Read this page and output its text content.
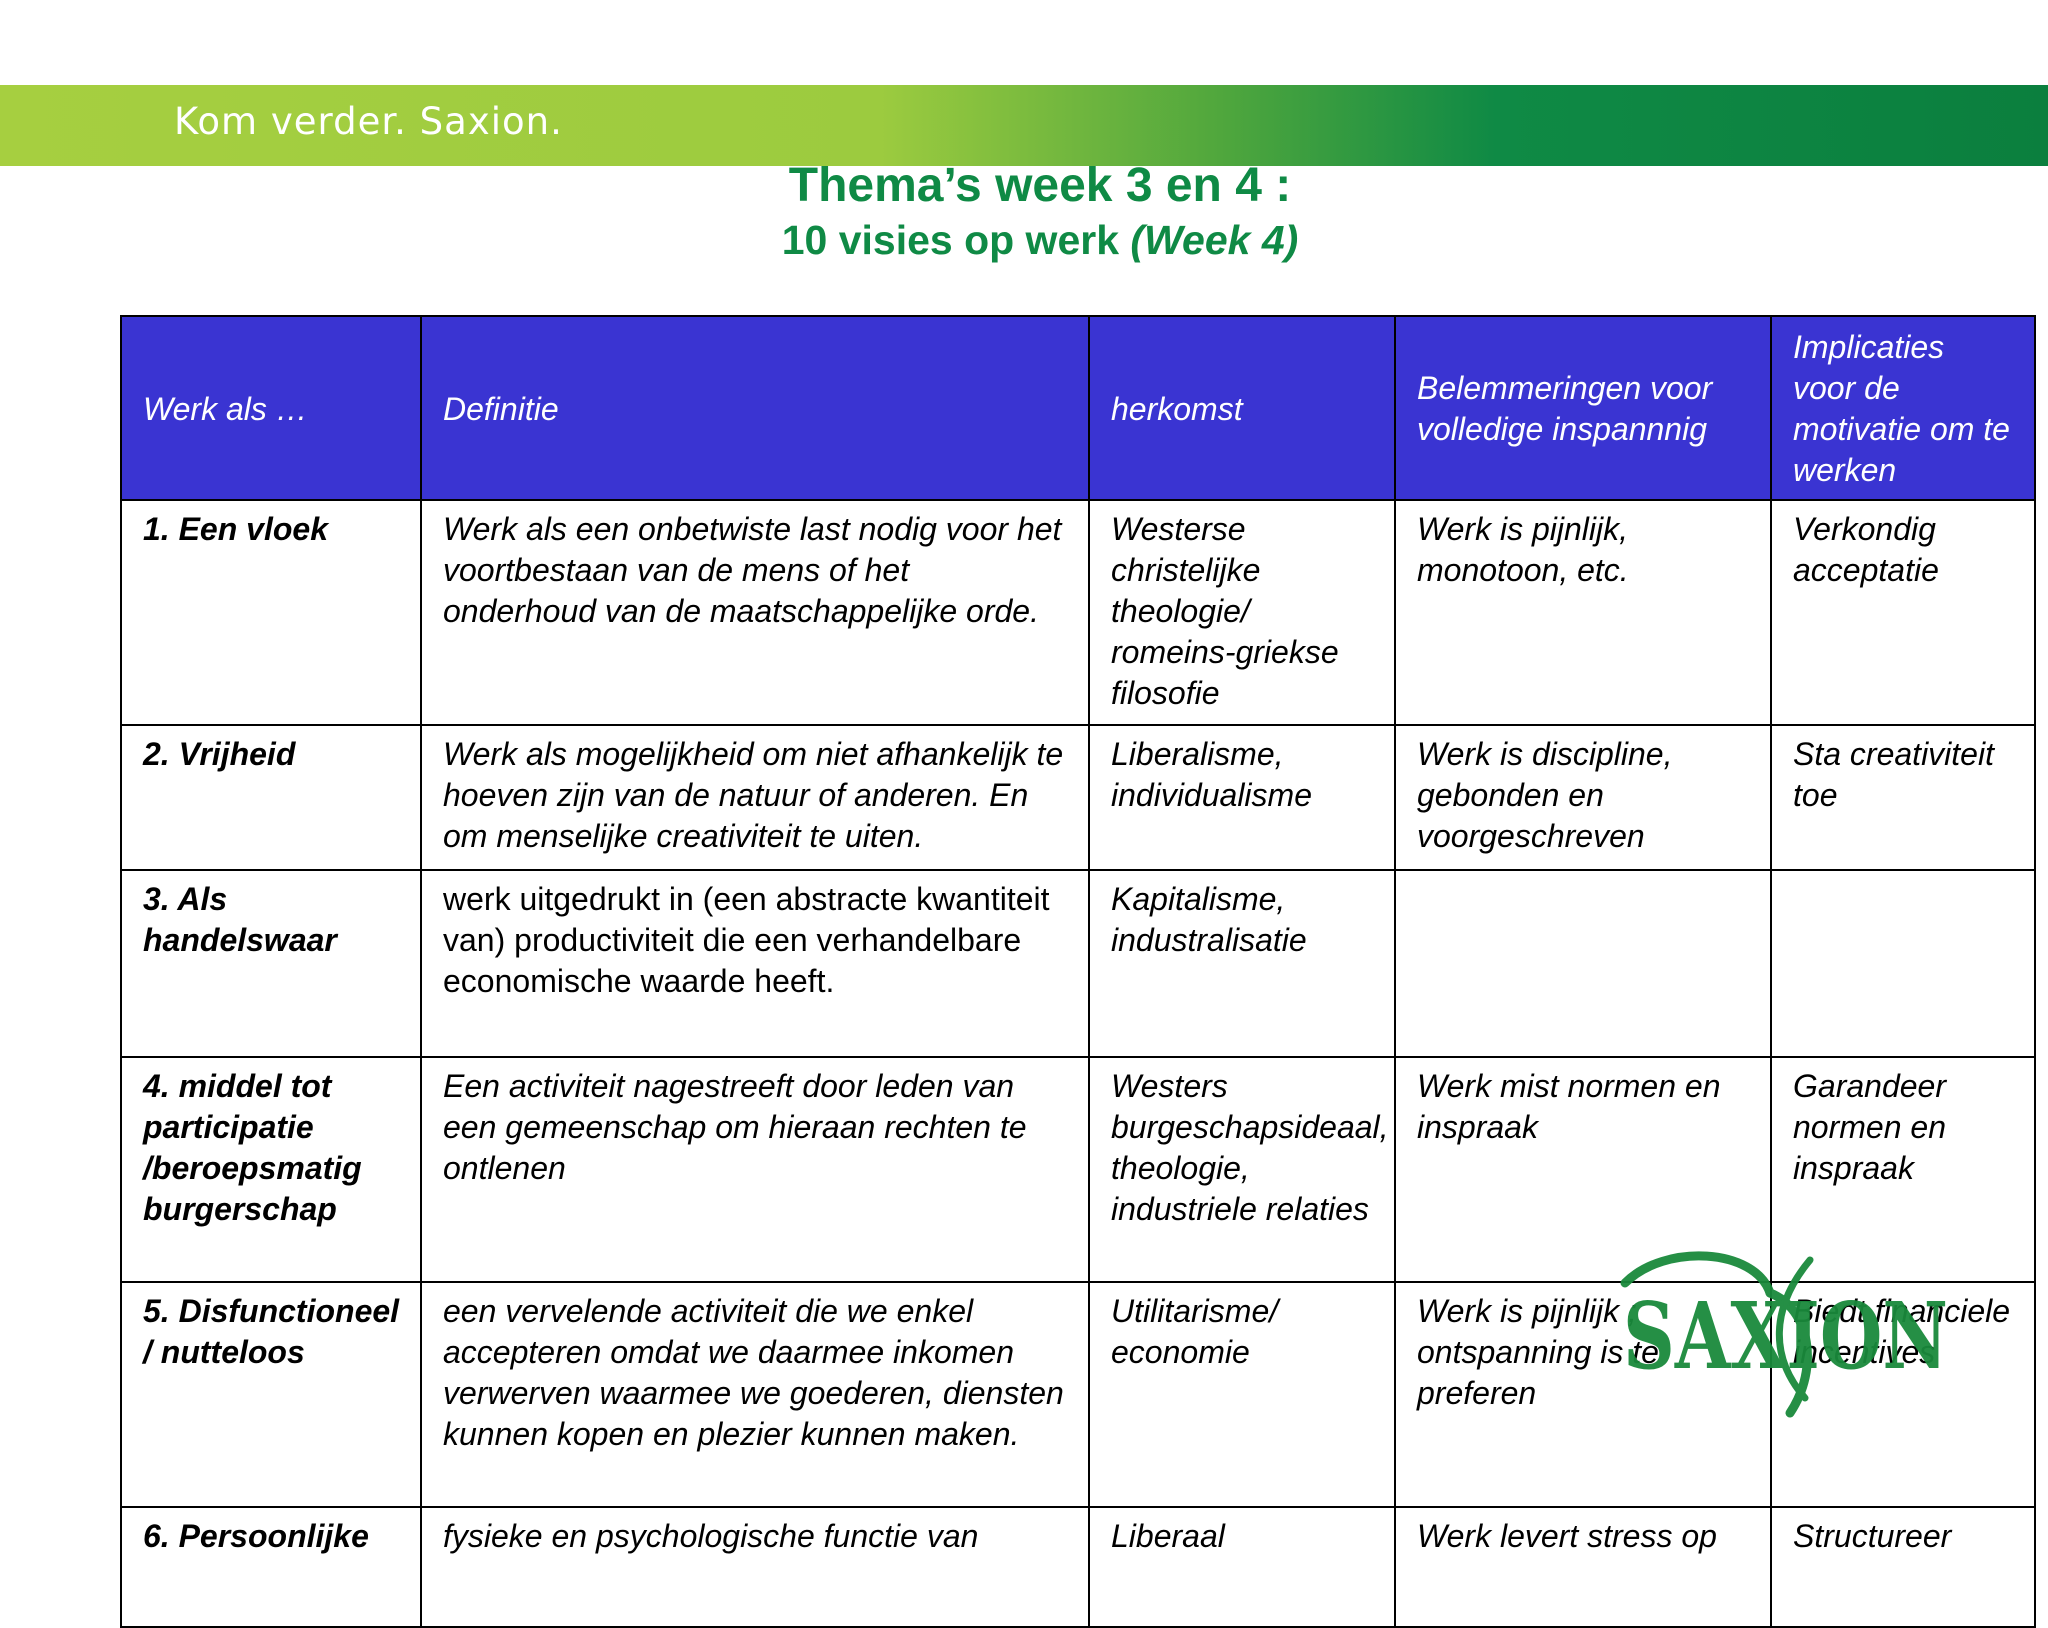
Kom verder. Saxion.
Thema’s week 3 en 4 :
10 visies op werk (Week 4)
Werk als …	Definitie	herkomst	Belemmeringen voor volledige inspannnig	Implicaties voor de motivatie om te werken
1. Een vloek	Werk als een onbetwiste last nodig voor het voortbestaan van de mens of het onderhoud van de maatschappelijke orde.	Westerse christelijke theologie/ romeins-griekse filosofie	Werk is pijnlijk, monotoon, etc.	Verkondig acceptatie
2. Vrijheid	Werk als mogelijkheid om niet afhankelijk te hoeven zijn van de natuur of anderen. En om menselijke creativiteit te uiten.	Liberalisme, individualisme	Werk is discipline, gebonden en voorgeschreven	Sta creativiteit toe
3. Als handelswaar	werk uitgedrukt in (een abstracte kwantiteit van) productiviteit die een verhandelbare economische waarde heeft.	Kapitalisme, industralisatie		
4. middel tot participatie /beroepsmatig burgerschap	Een activiteit nagestreeft door leden van een gemeenschap om hieraan rechten te ontlenen	Westers burgeschapsideaal, theologie, industriele relaties	Werk mist normen en inspraak	Garandeer normen en inspraak
5. Disfunctioneel / nutteloos	een vervelende activiteit die we enkel accepteren omdat we daarmee inkomen verwerven waarmee we goederen, diensten kunnen kopen en plezier kunnen maken.	Utilitarisme/ economie	Werk is pijnlijk ; ontspanning is te preferen	Biedt financiele incentives
6. Persoonlijke	fysieke en psychologische functie van	Liberaal	Werk levert stress op	Structureer
SAXION
